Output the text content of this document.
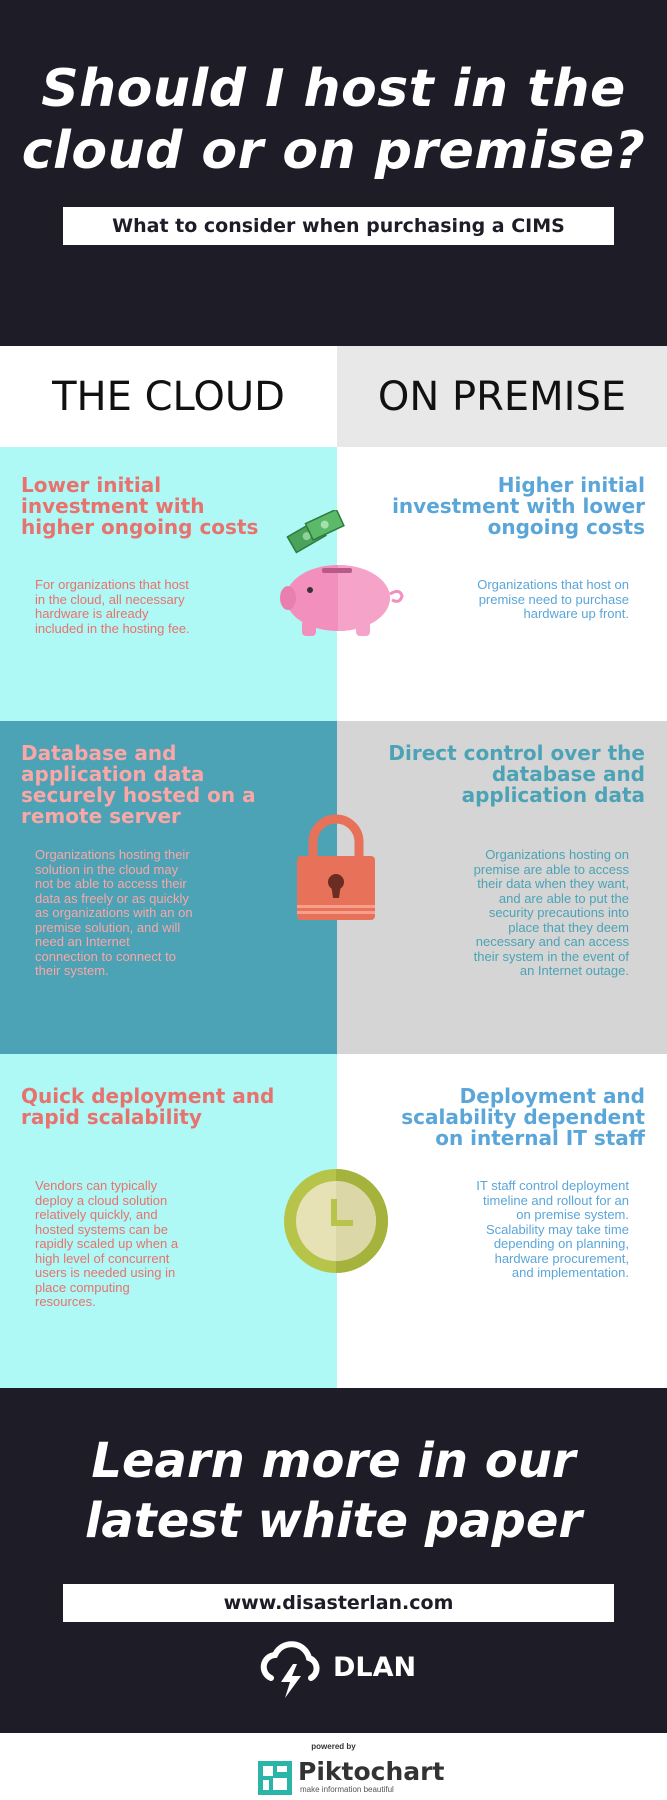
Should I host in the
cloud or on premise?
What to consider when purchasing a CIMS
THE CLOUD ON PREMISE
Lower initial
investment with
higher ongoing costs
For organizations that host
in the cloud, all necessary
hardware is already
included in the hosting fee.
Higher initial
investment with lower
ongoing costs
Organizations that host on
premise need to purchase
hardware up front.
Database and
application data
securely hosted on a
remote server
Organizations hosting their
solution in the cloud may
not be able to access their
data as freely or as quickly
as organizations with an on
premise solution, and will
need an Internet
connection to connect to
their system.
Direct control over the
database and
application data
Organizations hosting on
premise are able to access
their data when they want,
and are able to put the
security precautions into
place that they deem
necessary and can access
their system in the event of
an Internet outage.
Quick deployment and
rapid scalability
Vendors can typically
deploy a cloud solution
relatively quickly, and
hosted systems can be
rapidly scaled up when a
high level of concurrent
users is needed using in
place computing
resources.
Deployment and
scalability dependent
on internal IT staff
IT staff control deployment
timeline and rollout for an
on premise system.
Scalability may take time
depending on planning,
hardware procurement,
and implementation.
Learn more in our
latest white paper
www.disasterlan.com
DLAN
powered by
Piktochart
make information beautiful
